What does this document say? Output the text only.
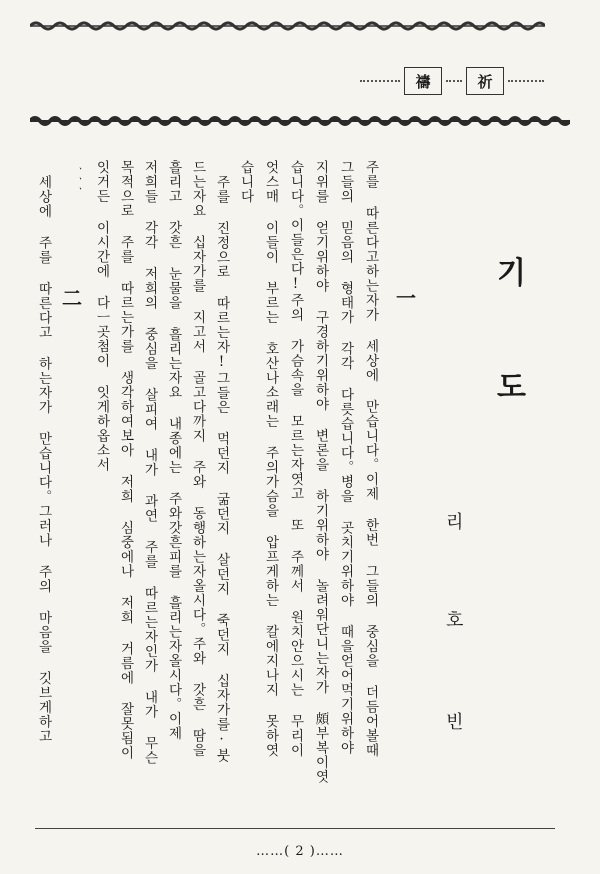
禱	祈
기
도
리
호
빈
一
二	주를 따른다고하는자가 세상에 만습니다。이제 한번 그들의 중심을 더듬어볼때
그들의 믿음의 형태가 각각 다릇습니다。병을 곳치기위하야 때을얻어먹기위하야
지위를 얻기위하야 구경하기위하야 변론을 하기위하야 놀려워단니는자가 頗부복이엿
습니다。이들은다!주의 가슴속을 모르는자엿고 또 주께서 원치안으시는 무리이
엇스매 이들이 부르는 호산나소래는 주의가슴을 압프게하는 칼에지나지 못하엿
습니다
주를 진정으로 따르는자!그들은 먹던지 굶던지 살던지 죽던지 십자가를·붓
드는자요 십자가를 지고서 골고다까지 주와 동행하는자올시다。주와 갓흔 땀을
흘리고 갓흔 눈물을 흘리는자요 내종에는 주와갓흔피를 흘리는자올시다。이제
저희들 각각 저희의 중심을 살피여 내가 과연 주를 따르는자인가 내가 무슨
목적으로 주를 따르는가를 생각하여보아 저희 심중에나 저희 거름에 잘못됨이
잇거든 이시간에 다ㅡ곳첨이 잇게하옵소서
ㆍㆍㆍ
세상에 주를 따른다고 하는자가 만습니다。그러나 주의 마음을 깃브게하고
……( 2 )……
